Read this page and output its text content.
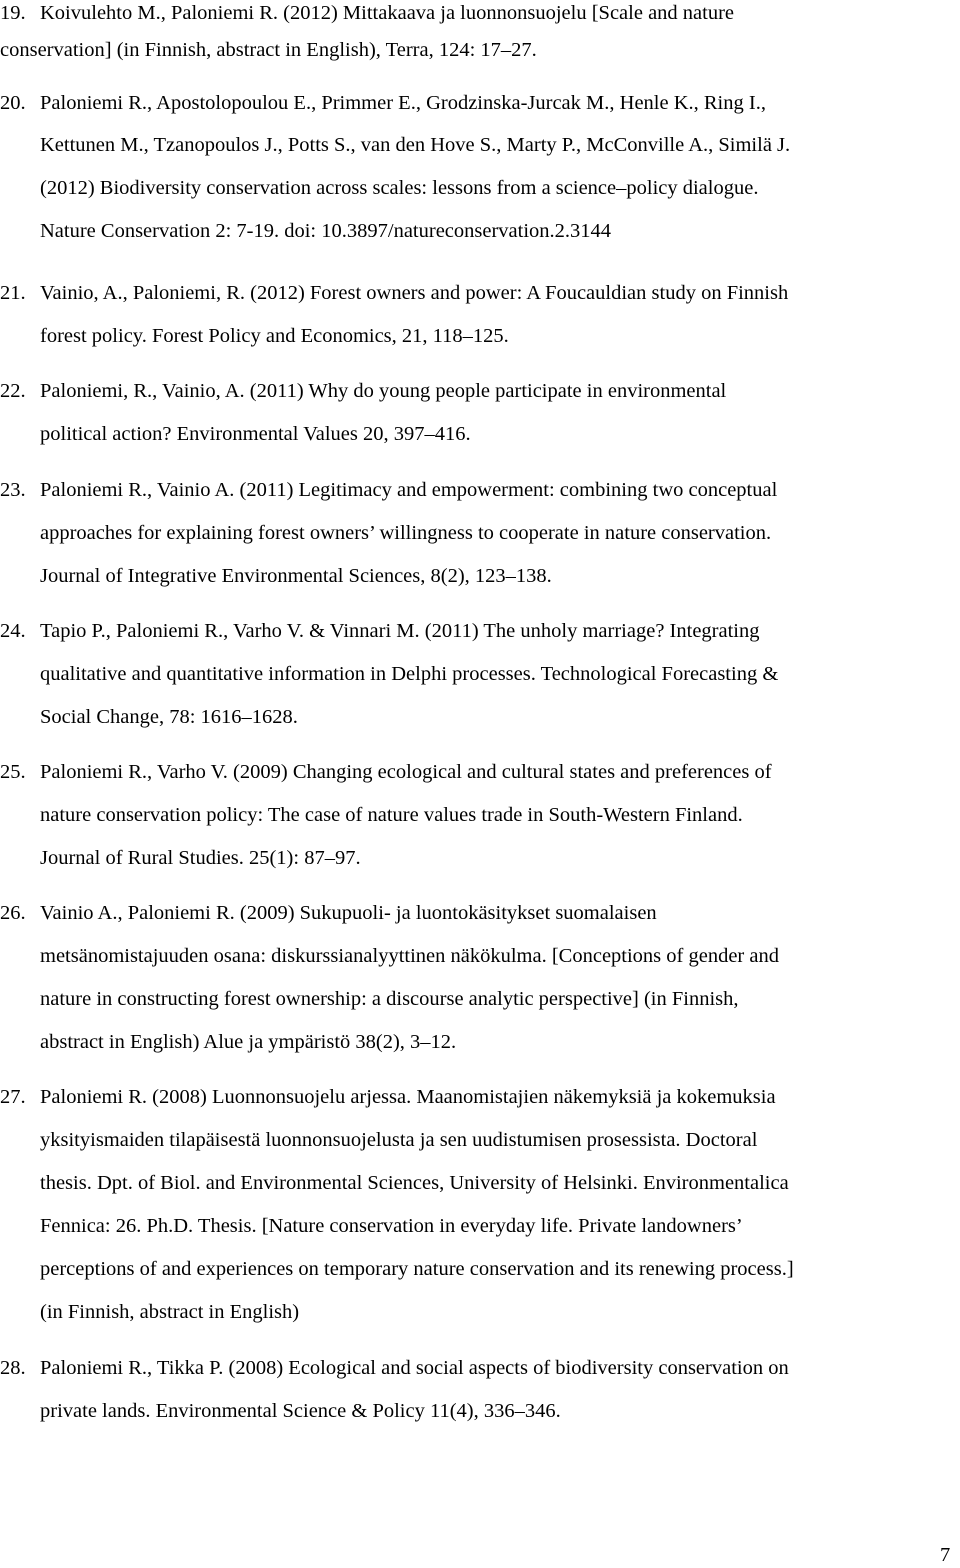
19. Koivulehto M., Paloniemi R. (2012) Mittakaava ja luonnonsuojelu [Scale and nature
conservation] (in Finnish, abstract in English), Terra, 124: 17–27.
20. Paloniemi R., Apostolopoulou E., Primmer E., Grodzinska-Jurcak M., Henle K., Ring I.,
Kettunen M., Tzanopoulos J., Potts S., van den Hove S., Marty P., McConville A., Similä J.
(2012) Biodiversity conservation across scales: lessons from a science–policy dialogue.
Nature Conservation 2: 7-19. doi: 10.3897/natureconservation.2.3144
21. Vainio, A., Paloniemi, R. (2012) Forest owners and power: A Foucauldian study on Finnish
forest policy. Forest Policy and Economics, 21, 118–125.
22. Paloniemi, R., Vainio, A. (2011) Why do young people participate in environmental
political action? Environmental Values 20, 397–416.
23. Paloniemi R., Vainio A. (2011) Legitimacy and empowerment: combining two conceptual
approaches for explaining forest owners’ willingness to cooperate in nature conservation.
Journal of Integrative Environmental Sciences, 8(2), 123–138.
24. Tapio P., Paloniemi R., Varho V. & Vinnari M. (2011) The unholy marriage? Integrating
qualitative and quantitative information in Delphi processes. Technological Forecasting &
Social Change, 78: 1616–1628.
25. Paloniemi R., Varho V. (2009) Changing ecological and cultural states and preferences of
nature conservation policy: The case of nature values trade in South-Western Finland.
Journal of Rural Studies. 25(1): 87–97.
26. Vainio A., Paloniemi R. (2009) Sukupuoli- ja luontokäsitykset suomalaisen
metsänomistajuuden osana: diskurssianalyyttinen näkökulma. [Conceptions of gender and
nature in constructing forest ownership: a discourse analytic perspective] (in Finnish,
abstract in English) Alue ja ympäristö 38(2), 3–12.
27. Paloniemi R. (2008) Luonnonsuojelu arjessa. Maanomistajien näkemyksiä ja kokemuksia
yksityismaiden tilapäisestä luonnonsuojelusta ja sen uudistumisen prosessista. Doctoral
thesis. Dpt. of Biol. and Environmental Sciences, University of Helsinki. Environmentalica
Fennica: 26. Ph.D. Thesis. [Nature conservation in everyday life. Private landowners’
perceptions of and experiences on temporary nature conservation and its renewing process.]
(in Finnish, abstract in English)
28. Paloniemi R., Tikka P. (2008) Ecological and social aspects of biodiversity conservation on
private lands. Environmental Science & Policy 11(4), 336–346.
7
